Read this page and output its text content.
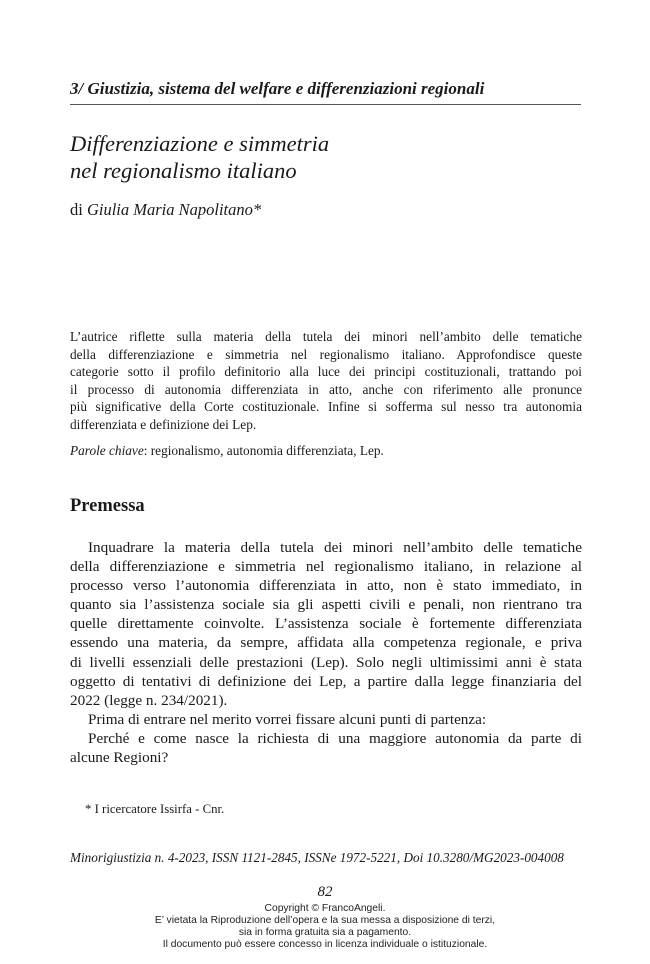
3/ Giustizia, sistema del welfare e differenziazioni regionali
Differenziazione e simmetria
nel regionalismo italiano
di Giulia Maria Napolitano*
L’autrice riflette sulla materia della tutela dei minori nell’ambito delle tematiche
della differenziazione e simmetria nel regionalismo italiano. Approfondisce queste
categorie sotto il profilo definitorio alla luce dei principi costituzionali, trattando poi
il processo di autonomia differenziata in atto, anche con riferimento alle pronunce
più significative della Corte costituzionale. Infine si sofferma sul nesso tra autonomia
differenziata e definizione dei Lep.
Parole chiave: regionalismo, autonomia differenziata, Lep.
Premessa
Inquadrare la materia della tutela dei minori nell’ambito delle tematiche
della differenziazione e simmetria nel regionalismo italiano, in relazione al
processo verso l’autonomia differenziata in atto, non è stato immediato, in
quanto sia l’assistenza sociale sia gli aspetti civili e penali, non rientrano tra
quelle direttamente coinvolte. L’assistenza sociale è fortemente differenziata
essendo una materia, da sempre, affidata alla competenza regionale, e priva
di livelli essenziali delle prestazioni (Lep). Solo negli ultimissimi anni è stata
oggetto di tentativi di definizione dei Lep, a partire dalla legge finanziaria del
2022 (legge n. 234/2021).
Prima di entrare nel merito vorrei fissare alcuni punti di partenza:
Perché e come nasce la richiesta di una maggiore autonomia da parte di
alcune Regioni?
* I ricercatore Issirfa - Cnr.
Minorigiustizia n. 4-2023, ISSN 1121-2845, ISSNe 1972-5221, Doi 10.3280/MG2023-004008
82
Copyright © FrancoAngeli.
E’ vietata la Riproduzione dell’opera e la sua messa a disposizione di terzi,
sia in forma gratuita sia a pagamento.
Il documento può essere concesso in licenza individuale o istituzionale.
